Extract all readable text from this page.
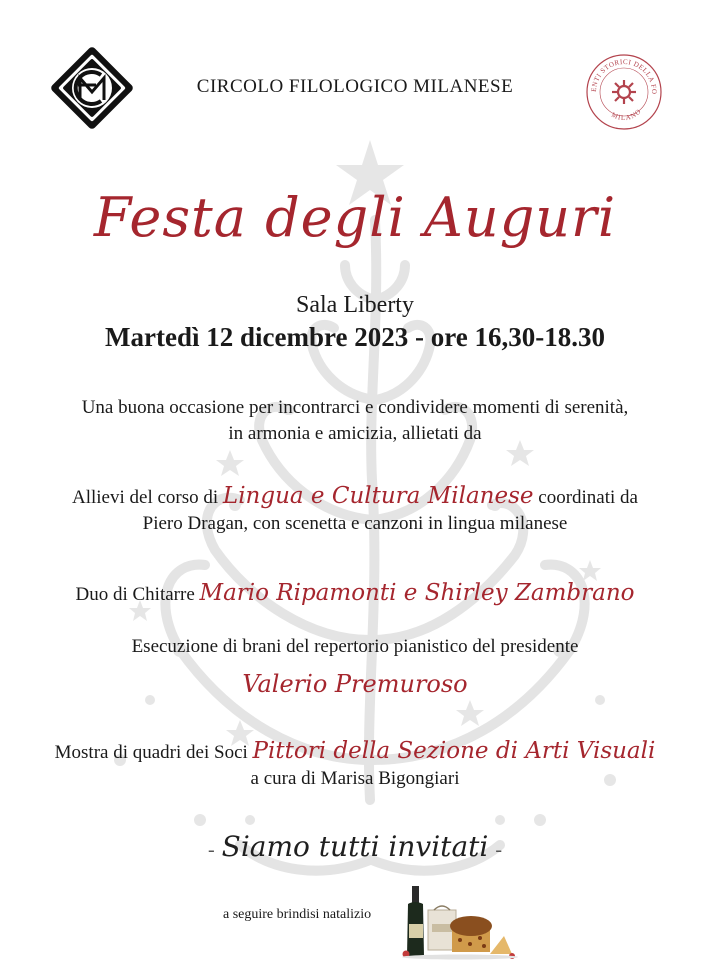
ENTI STORICI DELLA FO
MILANO
CIRCOLO FILOLOGICO MILANESE
Festa degli Auguri
Sala Liberty
Martedì 12 dicembre 2023 - ore 16,30-18.30
Una buona occasione per incontrarci e condividere momenti di serenità,
in armonia e amicizia, allietati da
Allievi del corso di Lingua e Cultura Milanese coordinati da
Piero Dragan, con scenetta e canzoni in lingua milanese
Duo di Chitarre Mario Ripamonti e Shirley Zambrano
Esecuzione di brani del repertorio pianistico del presidente
Valerio Premuroso
Mostra di quadri dei Soci Pittori della Sezione di Arti Visuali
a cura di Marisa Bigongiari
- Siamo tutti invitati -
a seguire brindisi natalizio
